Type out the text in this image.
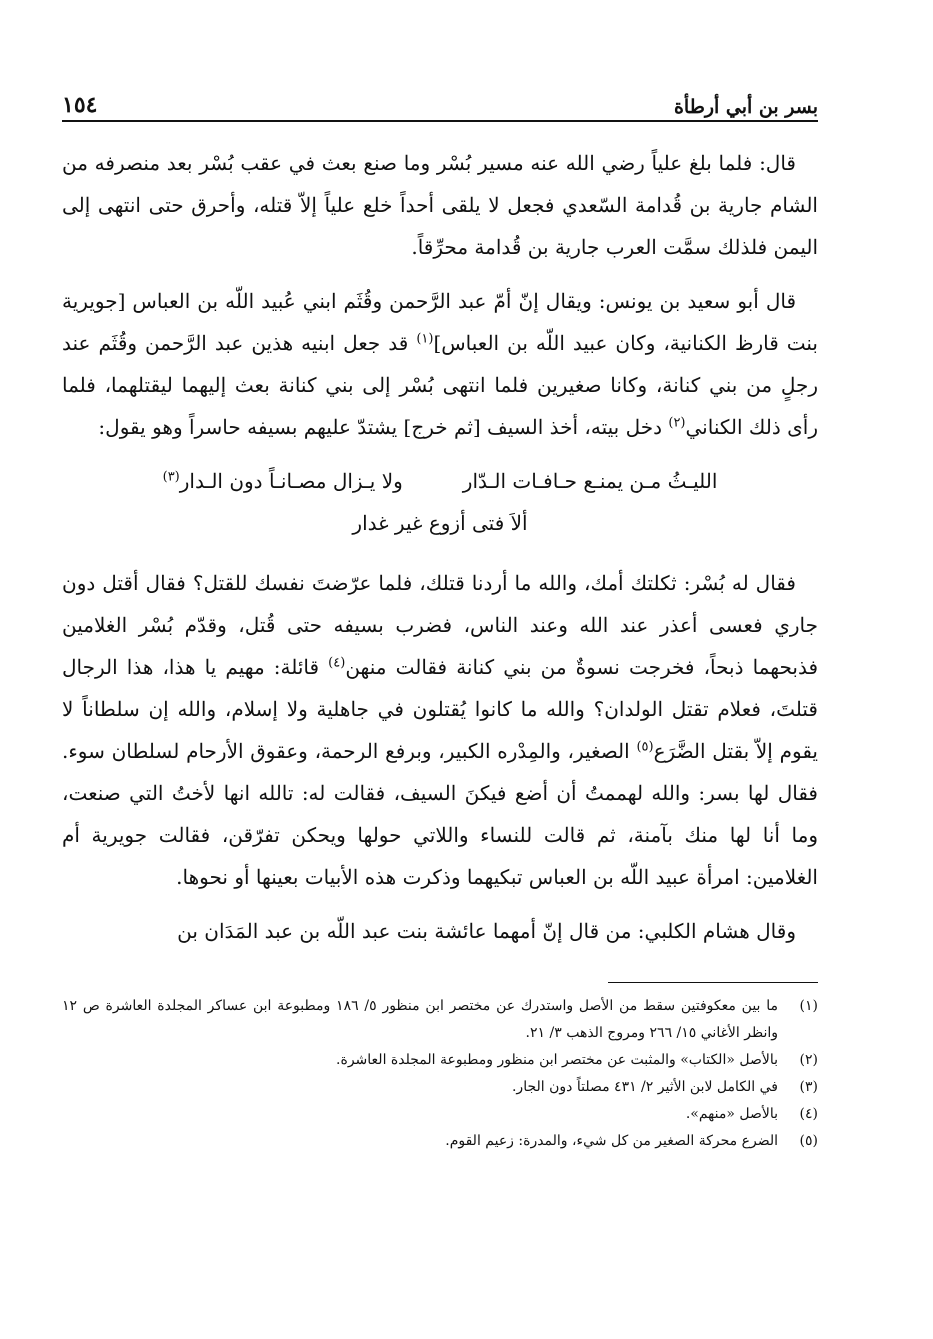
بسر بن أبي أرطأة
١٥٤

قال: فلما بلغ علياً رضي الله عنه مسير بُسْر وما صنع بعث في عقب بُسْر بعد منصرفه من الشام جارية بن قُدامة السّعدي فجعل لا يلقى أحداً خلع علياً إلاّ قتله، وأحرق حتى انتهى إلى اليمن فلذلك سمَّت العرب جارية بن قُدامة محرِّقاً.

قال أبو سعيد بن يونس: ويقال إنّ أمّ عبد الرَّحمن وقُثَم ابني عُبيد اللّه بن العباس [جويرية بنت قارظ الكنانية، وكان عبيد اللّه بن العباس]$^{(١)}$ قد جعل ابنيه هذين عبد الرَّحمن وقُثَم عند رجلٍ من بني كنانة، وكانا صغيرين فلما انتهى بُسْر إلى بني كنانة بعث إليهما ليقتلهما، فلما رأى ذلك الكناني$^{(٢)}$ دخل بيته، أخذ السيف [ثم خرج] يشتدّ عليهم بسيفه حاسراً وهو يقول:

الليـثُ مـن يمنـع حـافـات الـدّار
ولا يـزال مصـانـاً دون الـدار$^{(٣)}$
ألاَ فتى أزوع غير غدار

فقال له بُسْر: ثكلتك أمك، والله ما أردنا قتلك، فلما عرّضتَ نفسك للقتل؟ فقال أقتل دون جاري فعسى أعذر عند الله وعند الناس، فضرب بسيفه حتى قُتل، وقدّم بُسْر الغلامين فذبحهما ذبحاً، فخرجت نسوةٌ من بني كنانة فقالت منهن$^{(٤)}$ قائلة: مهيم يا هذا، هذا الرجال قتلتَ، فعلام تقتل الولدان؟ والله ما كانوا يُقتلون في جاهلية ولا إسلام، والله إن سلطاناً لا يقوم إلاّ بقتل الضَّرَع$^{(٥)}$ الصغير، والمِدْره الكبير، وبرفع الرحمة، وعقوق الأرحام لسلطان سوء. فقال لها بسر: والله لهممتُ أن أضع فيكنَ السيف، فقالت له: تالله انها لأختُ التي صنعت، وما أنا لها منك بآمنة، ثم قالت للنساء واللاتي حولها ويحكن تفرّقن، فقالت جويرية أم الغلامين: امرأة عبيد اللّه بن العباس تبكيهما وذكرت هذه الأبيات بعينها أو نحوها.

وقال هشام الكلبي: من قال إنّ أمهما عائشة بنت عبد اللّه بن عبد المَدَان بن

(١)
ما بين معكوفتين سقط من الأصل واستدرك عن مختصر ابن منظور ٥/ ١٨٦ ومطبوعة ابن عساكر المجلدة العاشرة ص ١٢ وانظر الأغاني ١٥/ ٢٦٦ ومروج الذهب ٣/ ٢١.
(٢)
بالأصل «الكتاب» والمثبت عن مختصر ابن منظور ومطبوعة المجلدة العاشرة.
(٣)
في الكامل لابن الأثير ٢/ ٤٣١ مصلتاً دون الجار.
(٤)
بالأصل «منهم».
(٥)
الضرع محركة الصغير من كل شيء، والمدرة: زعيم القوم.
